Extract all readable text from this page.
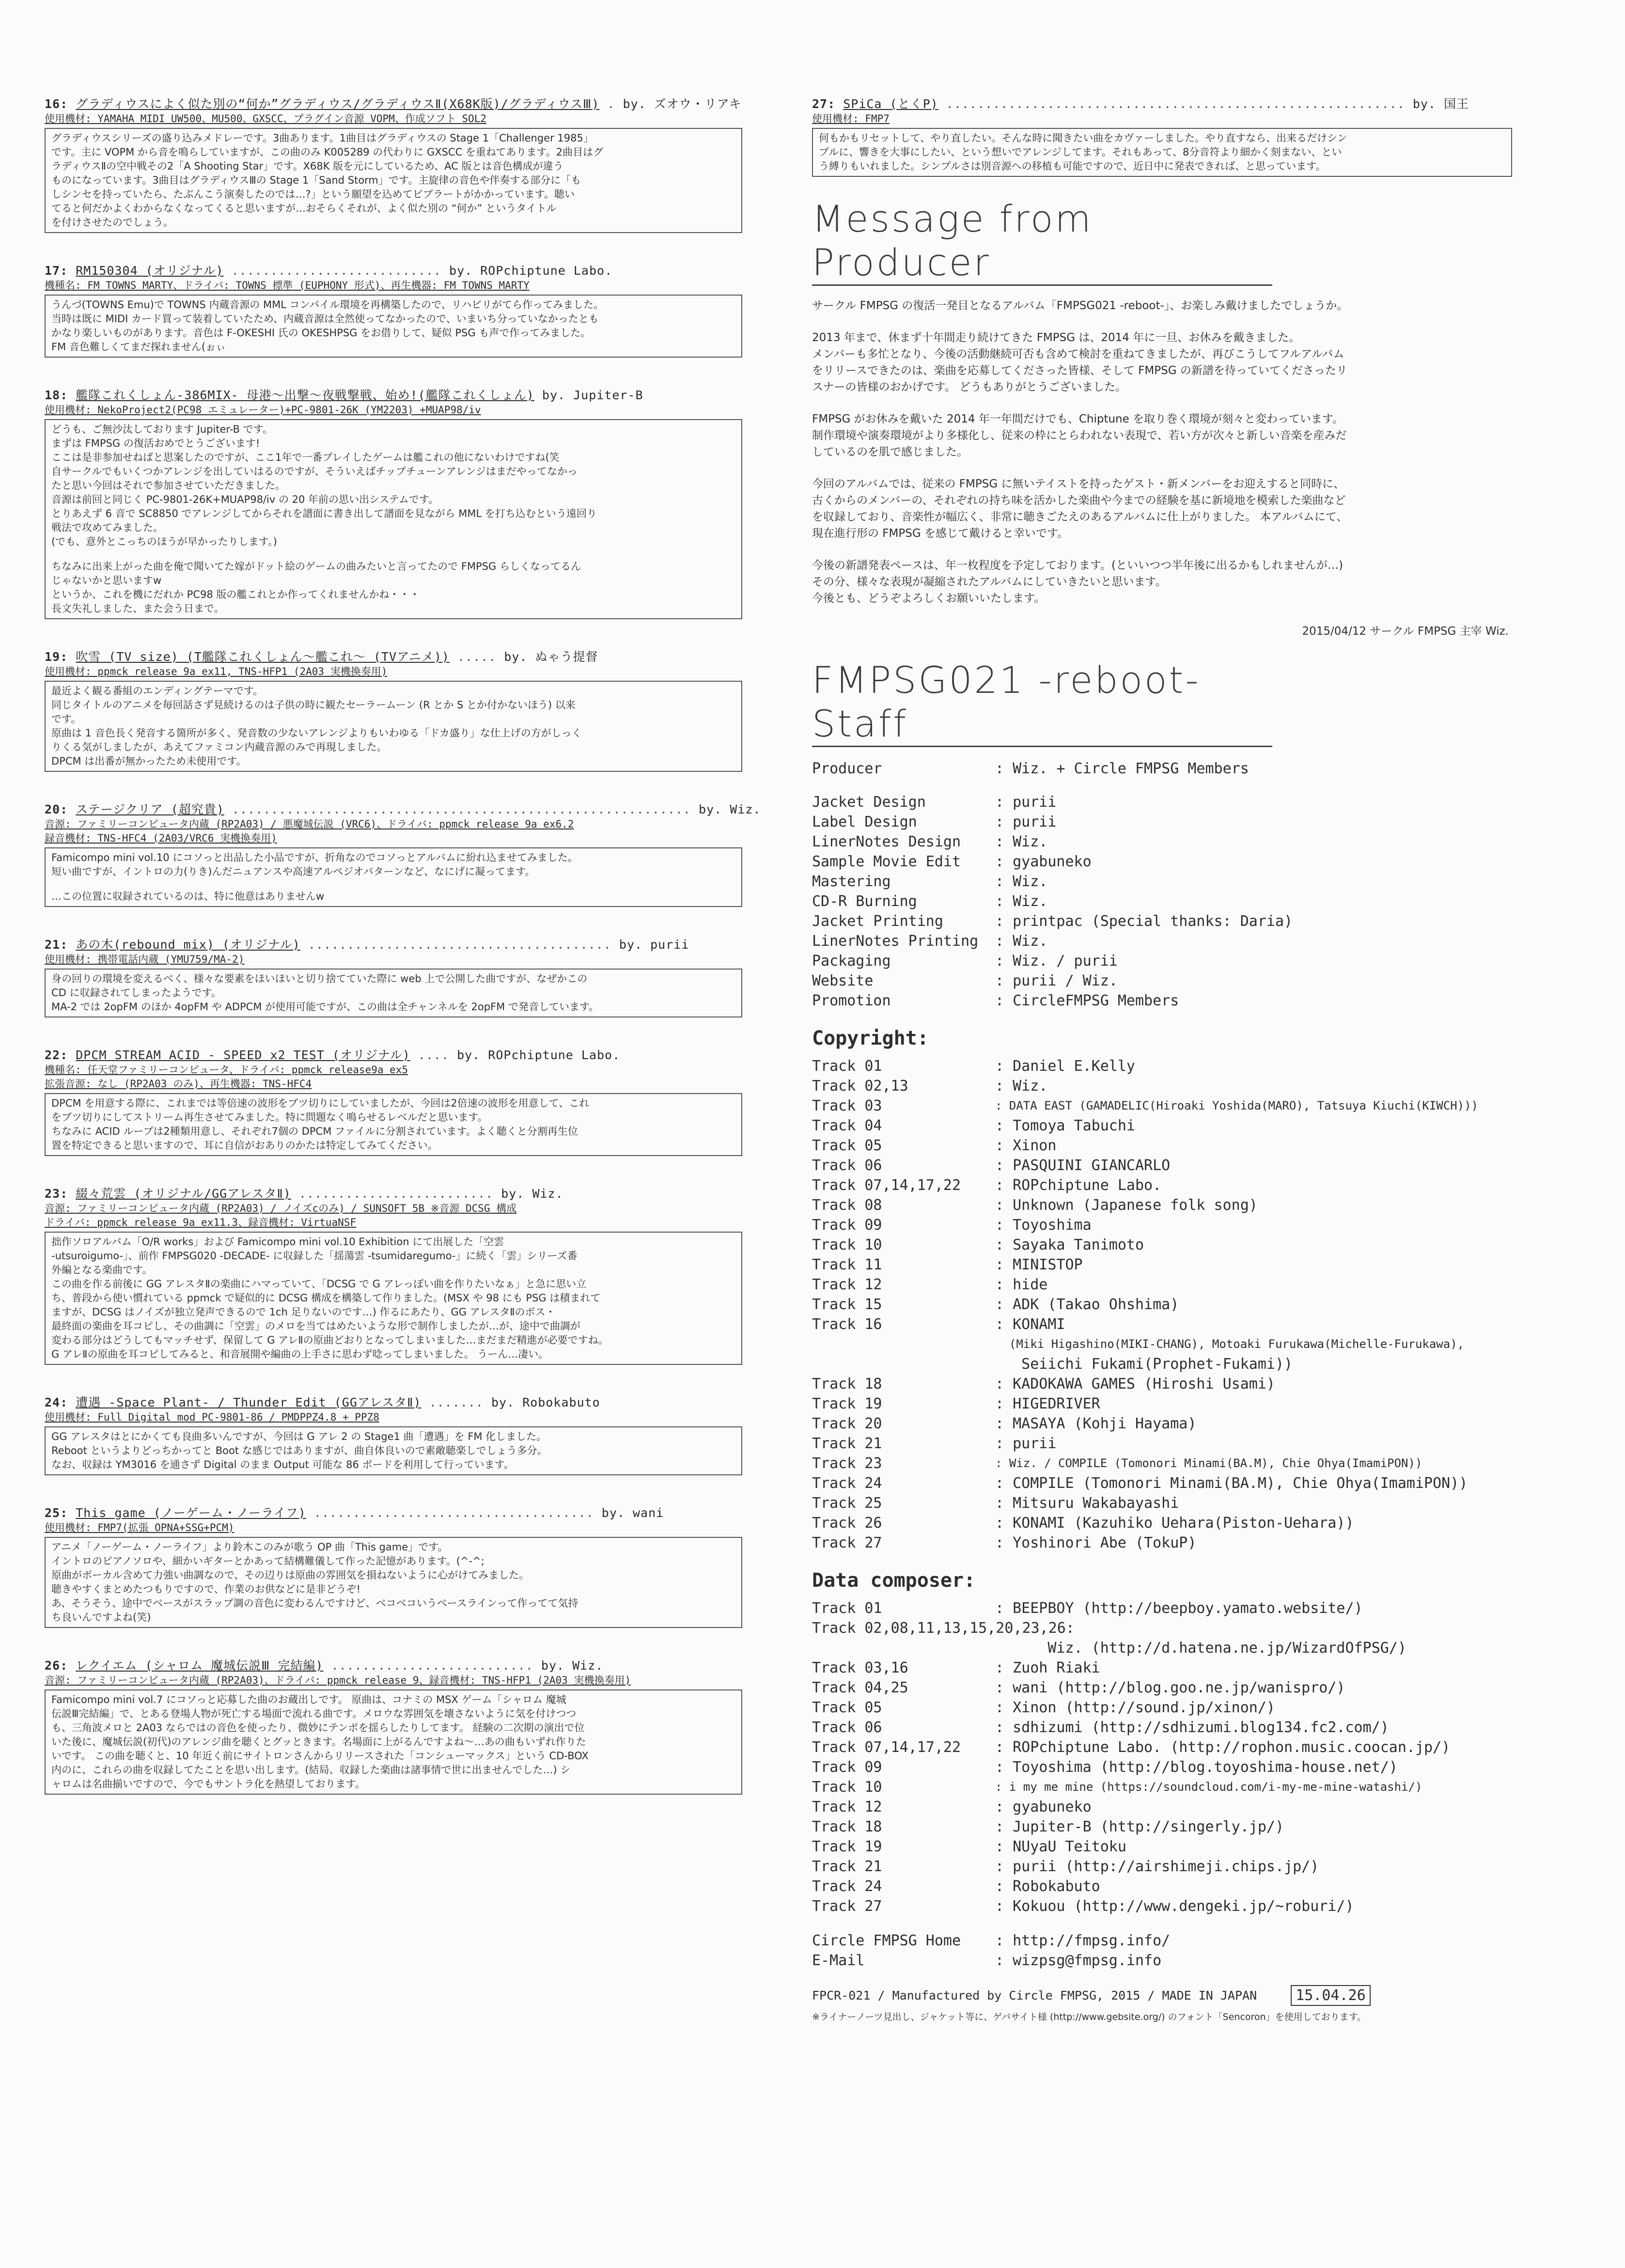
16: グラディウスによく似た別の“何か”グラディウス/グラディウスⅡ(X68K版)/グラディウスⅢ) . by. ズオウ・リアキ
使用機材: YAMAHA MIDI UW500、MU500、GXSCC、プラグイン音源 VOPM、作成ソフト SOL2

グラディウスシリーズの盛り込みメドレーです。3曲あります。1曲目はグラディウスの Stage 1「Challenger 1985」

です。主に VOPM から音を鳴らしていますが、この曲のみ K005289 の代わりに GXSCC を重ねてあります。2曲目はグ

ラディウスⅡの空中戦その2「A Shooting Star」です。X68K 版を元にしているため、AC 版とは音色構成が違う

ものになっています。3曲目はグラディウスⅢの Stage 1「Sand Storm」です。主旋律の音色や伴奏する部分に「も

しシンセを持っていたら、たぶんこう演奏したのでは…?」という願望を込めてビブラートがかかっています。聴い

てると何だかよくわからなくなってくると思いますが…おそらくそれが、よく似た別の “何か” というタイトル

を付けさせたのでしょう。

17: RM150304 (オリジナル) ........................... by. ROPchiptune Labo.
機種名: FM TOWNS MARTY、ドライバ: TOWNS 標準 (EUPHONY 形式)、再生機器: FM TOWNS MARTY

うんづ(TOWNS Emu)で TOWNS 内蔵音源の MML コンパイル環境を再構築したので、リハビリがてら作ってみました。

当時は既に MIDI カード買って装着していたため、内蔵音源は全然使ってなかったので、いまいち分っていなかったとも

かなり楽しいものがあります。音色は F-OKESHI 氏の OKESHPSG をお借りして、疑似 PSG も声で作ってみました。

FM 音色難しくてまだ探れません(ぉぃ

18: 艦隊これくしょん-386MIX- 母港〜出撃〜夜戦撃戦、始め!(艦隊これくしょん) by. Jupiter-B
使用機材: NekoProject2(PC98 エミュレーター)+PC-9801-26K (YM2203) +MUAP98/iv

どうも、ご無沙汰しております Jupiter-B です。

まずは FMPSG の復活おめでとうございます!

ここは是非参加せねばと思案したのですが、ここ1年で一番プレイしたゲームは艦これの他にないわけですね(笑

自サークルでもいくつかアレンジを出していはるのですが、そういえばチップチューンアレンジはまだやってなかっ

たと思い今回はそれで参加させていただきました。

音源は前回と同じく PC-9801-26K+MUAP98/iv の 20 年前の思い出システムです。

とりあえず 6 音で SC8850 でアレンジしてからそれを譜面に書き出して譜面を見ながら MML を打ち込むという遠回り

戦法で攻めてみました。

(でも、意外とこっちのほうが早かったりします。)

ちなみに出来上がった曲を俺で聞いてた嫁がドット絵のゲームの曲みたいと言ってたので FMPSG らしくなってるん

じゃないかと思いますw

というか、これを機にだれか PC98 版の艦これとか作ってくれませんかね・・・

長文失礼しました、また会う日まで。

19: 吹雪 (TV size) (T艦隊これくしょん～艦これ～ (TVアニメ)) ..... by. ぬゃう提督
使用機材: ppmck release 9a ex11, TNS-HFP1 (2A03 実機換奏用)

最近よく観る番組のエンディングテーマです。

同じタイトルのアニメを毎回話さず見続けるのは子供の時に観たセーラームーン (R とか S とか付かないほう) 以来

です。

原曲は 1 音色長く発音する箇所が多く、発音数の少ないアレンジよりもいわゆる「ドカ盛り」な仕上げの方がしっく

りくる気がしましたが、あえてファミコン内蔵音源のみで再現しました。

DPCM は出番が無かったため未使用です。

20: ステージクリア (超究貴) ........................................................... by. Wiz.
音源: ファミリーコンピュータ内蔵 (RP2A03) / 悪魔城伝説 (VRC6)、ドライバ: ppmck release 9a ex6.2
録音機材: TNS-HFC4 (2A03/VRC6 実機換奏用)

Famicompo mini vol.10 にコソっと出品した小品ですが、折角なのでコソっとアルバムに紛れ込ませてみました。

短い曲ですが、イントロの力(りき)んだニュアンスや高速アルペジオパターンなど、なにげに凝ってます。

…この位置に収録されているのは、特に他意はありませんw

21: あの木(rebound mix) (オリジナル) ....................................... by. purii
使用機材: 携帯電話内蔵 (YMU759/MA-2)

身の回りの環境を変えるべく、様々な要素をほいほいと切り捨てていた際に web 上で公開した曲ですが、なぜかこの

CD に収録されてしまったようです。

MA-2 では 2opFM のほか 4opFM や ADPCM が使用可能ですが、この曲は全チャンネルを 2opFM で発音しています。

22: DPCM STREAM ACID - SPEED x2 TEST (オリジナル) .... by. ROPchiptune Labo.
機種名: 任天堂ファミリーコンピュータ、ドライバ: ppmck release9a ex5
拡張音源: なし (RP2A03 のみ)、再生機器: TNS-HFC4

DPCM を用意する際に、これまでは等倍速の波形をブツ切りにしていましたが、今回は2倍速の波形を用意して、これ

をブツ切りにしてストリーム再生させてみました。特に問題なく鳴らせるレベルだと思います。

ちなみに ACID ループは2種類用意し、それぞれ7個の DPCM ファイルに分割されています。よく聴くと分割再生位

置を特定できると思いますので、耳に自信がおありのかたは特定してみてください。

23: 綴々荒雲 (オリジナル/GGアレスタⅡ) ......................... by. Wiz.
音源: ファミリーコンピュータ内蔵 (RP2A03) / ノイズcのみ) / SUNSOFT 5B ※音源 DCSG 構成
ドライバ: ppmck release 9a ex11.3、録音機材: VirtuaNSF

拙作ソロアルバム「O/R works」および Famicompo mini vol.10 Exhibition にて出展した「空雲

-utsuroigumo-」、前作 FMPSG020 -DECADE- に収録した「揺蕩雲 -tsumidaregumo-」に続く「雲」シリーズ番

外編となる楽曲です。

この曲を作る前後に GG アレスタⅡの楽曲にハマっていて、「DCSG で G アレっぽい曲を作りたいなぁ」と急に思い立

ち、普段から使い慣れている ppmck で疑似的に DCSG 構成を構築して作りました。(MSX や 98 にも PSG は積まれて

ますが、DCSG はノイズが独立発声できるので 1ch 足りないのです…) 作るにあたり、GG アレスタⅡのボス・

最終面の楽曲を耳コピし、その曲調に「空雲」のメロを当てはめたいような形で制作しましたが…が、途中で曲調が

変わる部分はどうしてもマッチせず、保留して G アレⅡの原曲どおりとなってしまいました…まだまだ精進が必要ですね。

G アレⅡの原曲を耳コピしてみると、和音展開や編曲の上手さに思わず唸ってしまいました。 うーん…凄い。

24: 遭遇 -Space Plant- / Thunder Edit (GGアレスタⅡ) ....... by. Robokabuto
使用機材: Full Digital mod PC-9801-86 / PMDPPZ4.8 + PPZ8

GG アレスタはとにかくても良曲多いんですが、今回は G アレ 2 の Stage1 曲「遭遇」を FM 化しました。

Reboot というよりどっちかってと Boot な感じではありますが、曲自体良いので素敵聴楽しでしょう多分。

なお、収録は YM3016 を通さず Digital のまま Output 可能な 86 ボードを利用して行っています。

25: This game (ノーゲーム・ノーライフ) .................................... by. wani
使用機材: FMP7(拡張 OPNA+SSG+PCM)

アニメ「ノーゲーム・ノーライフ」より鈴木このみが歌う OP 曲「This game」です。

イントロのピアノソロや、細かいギターとかあって結構難儀して作った記憶があります。(^-^;

原曲がボーカル含めて力強い曲調なので、その辺りは原曲の雰囲気を損ねないように心がけてみました。

聴きやすくまとめたつもりですので、作業のお供などに是非どうぞ!

あ、そうそう、途中でベースがスラップ調の音色に変わるんですけど、ベコベコいうベースラインって作ってて気持

ち良いんですよね(笑)

26: レクイエム (シャロム 魔城伝説Ⅲ 完結編) .......................... by. Wiz.
音源: ファミリーコンピュータ内蔵 (RP2A03)、ドライバ: ppmck release 9、録音機材: TNS-HFP1 (2A03 実機換奏用)

Famicompo mini vol.7 にコソっと応募した曲のお蔵出しです。 原曲は、コナミの MSX ゲーム「シャロム 魔城

伝説Ⅲ完結編」で、とある登場人物が死亡する場面で流れる曲です。メロウな雰囲気を壊さないように気を付けつつ

も、三角波メロと 2A03 ならではの音色を使ったり、微妙にテンポを揺らしたりしてます。 経験の二次期の演出で位

いた後に、魔城伝説(初代)のアレンジ曲を聴くとグッときます。名場面に上がるんですよね～…あの曲もいずれ作りた

いです。 この曲を聴くと、10 年近く前にサイトロンさんからリリースされた「コンシューマックス」という CD-BOX

内のに、これらの曲を収録してたことを思い出します。(結局、収録した楽曲は諸事情で世に出ませんでした…) シ

ャロムは名曲揃いですので、今でもサントラ化を熱望しております。

27: SPiCa (とくP) ........................................................... by. 国王
使用機材: FMP7

何もかもリセットして、やり直したい。そんな時に聞きたい曲をカヴァーしました。やり直すなら、出来るだけシン

プルに、響きを大事にしたい、という想いでアレンジしてます。それもあって、8分音符より細かく刻まない、とい

う縛りもいれました。シンプルさは別音源への移植も可能ですので、近日中に発表できれば、と思っています。

Message from Producer

サークル FMPSG の復活一発目となるアルバム「FMPSG021 -reboot-」、お楽しみ戴けましたでしょうか。

2013 年まで、休まず十年間走り続けてきた FMPSG は、2014 年に一旦、お休みを戴きました。
メンバーも多忙となり、今後の活動継続可否も含めて検討を重ねてきましたが、再びこうしてフルアルバム
をリリースできたのは、楽曲を応募してくださった皆様、そして FMPSG の新譜を待っていてくださったリ
スナーの皆様のおかげです。 どうもありがとうございました。

FMPSG がお休みを戴いた 2014 年一年間だけでも、Chiptune を取り巻く環境が刻々と変わっています。
制作環境や演奏環境がより多様化し、従来の枠にとらわれない表現で、若い方が次々と新しい音楽を産みだ
しているのを肌で感じました。

今回のアルバムでは、従来の FMPSG に無いテイストを持ったゲスト・新メンバーをお迎えすると同時に、
古くからのメンバーの、それぞれの持ち味を活かした楽曲や今までの経験を基に新境地を模索した楽曲など
を収録しており、音楽性が幅広く、非常に聴きごたえのあるアルバムに仕上がりました。 本アルバムにて、
現在進行形の FMPSG を感じて戴けると幸いです。

今後の新譜発表ペースは、年一枚程度を予定しております。(といいつつ半年後に出るかもしれませんが…)
その分、様々な表現が凝縮されたアルバムにしていきたいと思います。
今後とも、どうぞよろしくお願いいたします。

2015/04/12 サークル FMPSG 主宰 Wiz.
FMPSG021 -reboot- Staff
Producer	: Wiz. + Circle FMPSG Members
Jacket Design	: purii
Label Design	: purii
LinerNotes Design	: Wiz.
Sample Movie Edit	: gyabuneko
Mastering	: Wiz.
CD-R Burning	: Wiz.
Jacket Printing	: printpac (Special thanks: Daria)
LinerNotes Printing	: Wiz.
Packaging	: Wiz. / purii
Website	: purii / Wiz.
Promotion	: CircleFMPSG Members
Copyright:
Track 01	: Daniel E.Kelly
Track 02,13	: Wiz.
Track 03	: DATA EAST (GAMADELIC(Hiroaki Yoshida(MARO), Tatsuya Kiuchi(KIWCH)))
Track 04	: Tomoya Tabuchi
Track 05	: Xinon
Track 06	: PASQUINI GIANCARLO
Track 07,14,17,22	: ROPchiptune Labo.
Track 08	: Unknown (Japanese folk song)
Track 09	: Toyoshima
Track 10	: Sayaka Tanimoto
Track 11	: MINISTOP
Track 12	: hide
Track 15	: ADK (Takao Ohshima)
Track 16	: KONAMI
(Miki Higashino(MIKI-CHANG), Motoaki Furukawa(Michelle-Furukawa),
Seiichi Fukami(Prophet-Fukami))
Track 18	: KADOKAWA GAMES (Hiroshi Usami)
Track 19	: HIGEDRIVER
Track 20	: MASAYA (Kohji Hayama)
Track 21	: purii
Track 23	: Wiz. / COMPILE (Tomonori Minami(BA.M), Chie Ohya(ImamiPON))
Track 24	: COMPILE (Tomonori Minami(BA.M), Chie Ohya(ImamiPON))
Track 25	: Mitsuru Wakabayashi
Track 26	: KONAMI (Kazuhiko Uehara(Piston-Uehara))
Track 27	: Yoshinori Abe (TokuP)
Data composer:
Track 01	: BEEPBOY (http://beepboy.yamato.website/)
Track 02,08,11,13,15,20,23,26:
Wiz. (http://d.hatena.ne.jp/WizardOfPSG/)
Track 03,16	: Zuoh Riaki
Track 04,25	: wani (http://blog.goo.ne.jp/wanispro/)
Track 05	: Xinon (http://sound.jp/xinon/)
Track 06	: sdhizumi (http://sdhizumi.blog134.fc2.com/)
Track 07,14,17,22	: ROPchiptune Labo. (http://rophon.music.coocan.jp/)
Track 09	: Toyoshima (http://blog.toyoshima-house.net/)
Track 10	: i my me mine (https://soundcloud.com/i-my-me-mine-watashi/)
Track 12	: gyabuneko
Track 18	: Jupiter-B (http://singerly.jp/)
Track 19	: NUyaU Teitoku
Track 21	: purii (http://airshimeji.chips.jp/)
Track 24	: Robokabuto
Track 27	: Kokuou (http://www.dengeki.jp/~roburi/)
Circle FMPSG Home	: http://fmpsg.info/
E-Mail	: wizpsg@fmpsg.info
FPCR-021 / Manufactured by Circle FMPSG, 2015 / MADE IN JAPAN	15.04.26
※ライナーノーツ見出し、ジャケット等に、ゲバサイト様 (http://www.gebsite.org/) のフォント「Sencoron」を使用しております。
